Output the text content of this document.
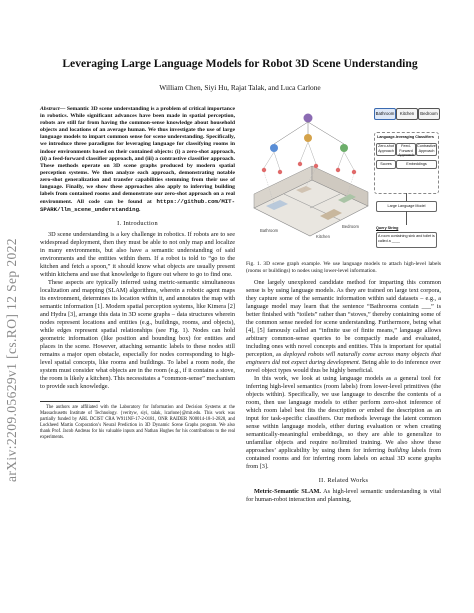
arXiv:2209.05629v1 [cs.RO] 12 Sep 2022
Leveraging Large Language Models for Robot 3D Scene Understanding
William Chen, Siyi Hu, Rajat Talak, and Luca Carlone

Abstract— Semantic 3D scene understanding is a problem of critical importance in robotics. While significant advances have been made in spatial perception, robots are still far from having the common-sense knowledge about household objects and locations of an average human. We thus investigate the use of large language models to impart common sense for scene understanding. Specifically, we introduce three paradigms for leveraging language for classifying rooms in indoor environments based on their contained objects: (i) a zero-shot approach, (ii) a feed-forward classifier approach, and (iii) a contrastive classifier approach. These methods operate on 3D scene graphs produced by modern spatial perception systems. We then analyze each approach, demonstrating notable zero-shot generalization and transfer capabilities stemming from their use of language. Finally, we show these approaches also apply to inferring building labels from contained rooms and demonstrate our zero-shot approach on a real environment. All code can be found at https://github.com/MIT-SPARK/llm_scene_understanding.

I. Introduction

3D scene understanding is a key challenge in robotics. If robots are to see widespread deployment, then they must be able to not only map and localize in many environments, but also have a semantic understanding of said environments and the entities within them. If a robot is told to “go to the kitchen and fetch a spoon,” it should know what objects are usually present within kitchens and use that knowledge to figure out where to go to find one.

These aspects are typically inferred using metric-semantic simultaneous localization and mapping (SLAM) algorithms, wherein a robotic agent maps its environment, determines its location within it, and annotates the map with semantic information [1]. Modern spatial perception systems, like Kimera [2] and Hydra [3], arrange this data in 3D scene graphs – data structures wherein nodes represent locations and entities (e.g., buildings, rooms, and objects), while edges represent spatial relationships (see Fig. 1). Nodes can hold geometric information (like position and bounding box) for entities and places in the scene. However, attaching semantic labels to these nodes still remains a major open obstacle, especially for nodes corresponding to high-level spatial concepts, like rooms and buildings. To label a room node, the system must consider what objects are in the room (e.g., if it contains a stove, the room is likely a kitchen). This necessitates a “common-sense” mechanism to provide such knowledge.

The authors are affiliated with the Laboratory for Information and Decision Systems at the Massachusetts Institute of Technology. {verityw, siyi, talak, lcarlone}@mit.edu. This work was partially funded by ARL DCIST CRA W911NF-17-2-0181, ONR RAIDER N00014-18-1-2828, and Lockheed Martin Corporation’s Neural Prediction in 3D Dynamic Scene Graphs program. We also thank Prof. Jacob Andreas for his valuable inputs and Nathan Hughes for his contributions to the real experiments.

Bathroom
Kitchen
Bedroom
Bathroom	Kitchen	Bedroom
Language-leveraging Classifiers
Zero-shot Approach
Feed-Forward Approach
Contrastive Approach
Scores	Embeddings
Large Language Model
Query String
A room containing sink and toilet is called a ____

Fig. 1. 3D scene graph example. We use language models to attach high-level labels (rooms or buildings) to nodes using lower-level information.

One largely unexplored candidate method for imparting this common sense is by using language models. As they are trained on large text corpora, they capture some of the semantic information within said datasets – e.g., a language model may learn that the sentence “Bathrooms contain ___” is better finished with “toilets” rather than “stoves,” thereby containing some of the common sense needed for scene understanding. Furthermore, being what [4], [5] famously called an “infinite use of finite means,” language allows arbitrary common-sense queries to be compactly made and evaluated, including ones with novel concepts and entities. This is important for spatial perception, as deployed robots will naturally come across many objects that engineers did not expect during development. Being able to do inference over novel object types would thus be highly beneficial.

In this work, we look at using language models as a general tool for inferring high-level semantics (room labels) from lower-level primitives (the objects within). Specifically, we use language to describe the contents of a room, then use language models to either perform zero-shot inference of which room label best fits the description or embed the description as an input for task-specific classifiers. Our methods leverage the latent common sense within language models, either during evaluation or when creating semantically-meaningful embeddings, so they are able to generalize to unfamiliar objects and require no/limited training. We also show these approaches’ applicability by using them for inferring building labels from contained rooms and for inferring room labels on actual 3D scene graphs from [3].

II. Related Works

Metric-Semantic SLAM. As high-level semantic understanding is vital for human-robot interaction and planning,
